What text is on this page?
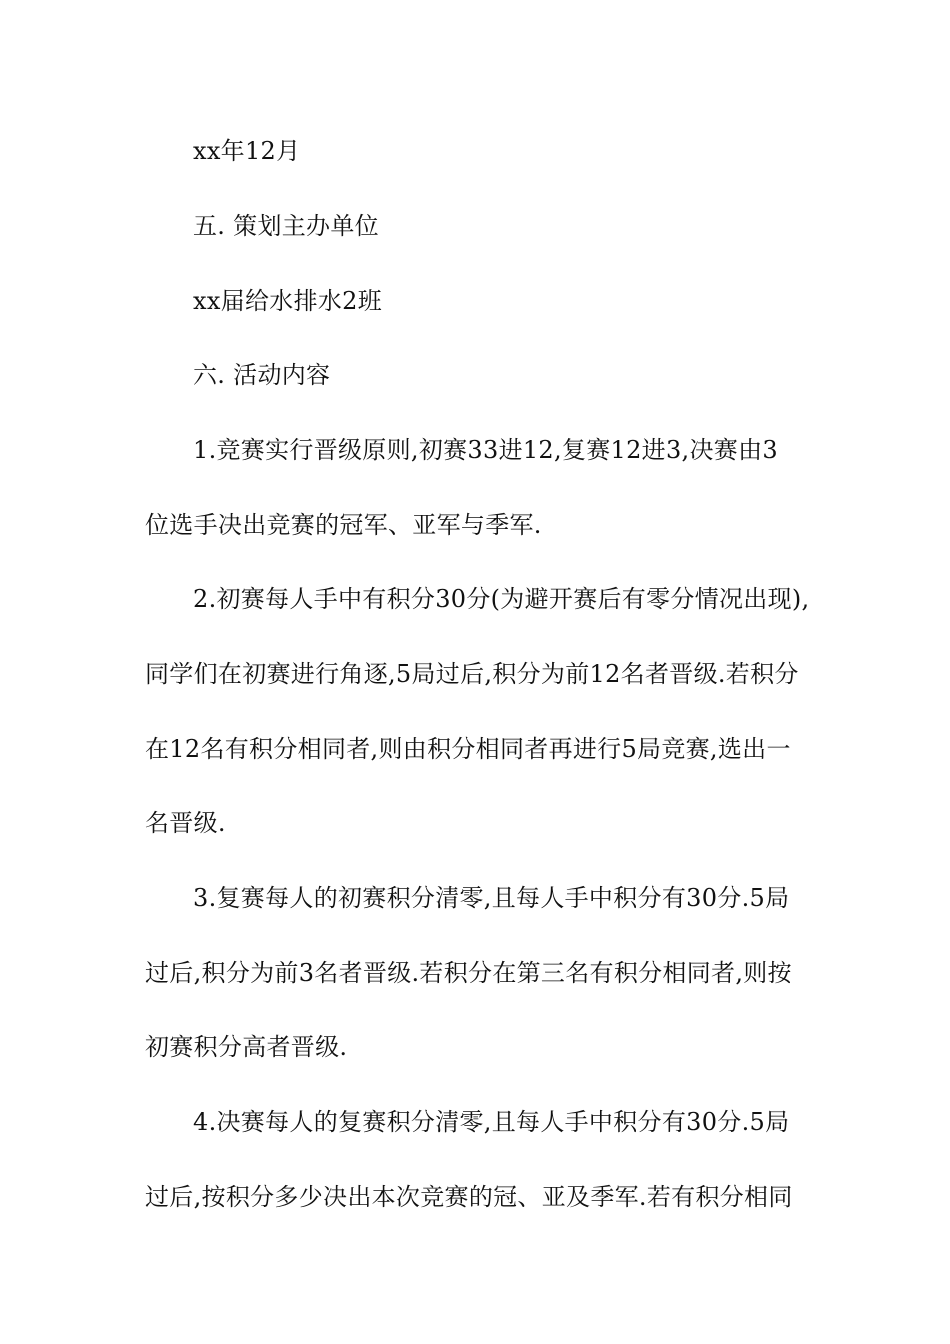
xx年12月
五. 策划主办单位
xx届给水排水2班
六. 活动内容
1.竞赛实行晋级原则,初赛33进12,复赛12进3,决赛由3
位选手决出竞赛的冠军、亚军与季军.
2.初赛每人手中有积分30分(为避开赛后有零分情况出现),
同学们在初赛进行角逐,5局过后,积分为前12名者晋级.若积分
在12名有积分相同者,则由积分相同者再进行5局竞赛,选出一
名晋级.
3.复赛每人的初赛积分清零,且每人手中积分有30分.5局
过后,积分为前3名者晋级.若积分在第三名有积分相同者,则按
初赛积分高者晋级.
4.决赛每人的复赛积分清零,且每人手中积分有30分.5局
过后,按积分多少决出本次竞赛的冠、亚及季军.若有积分相同
